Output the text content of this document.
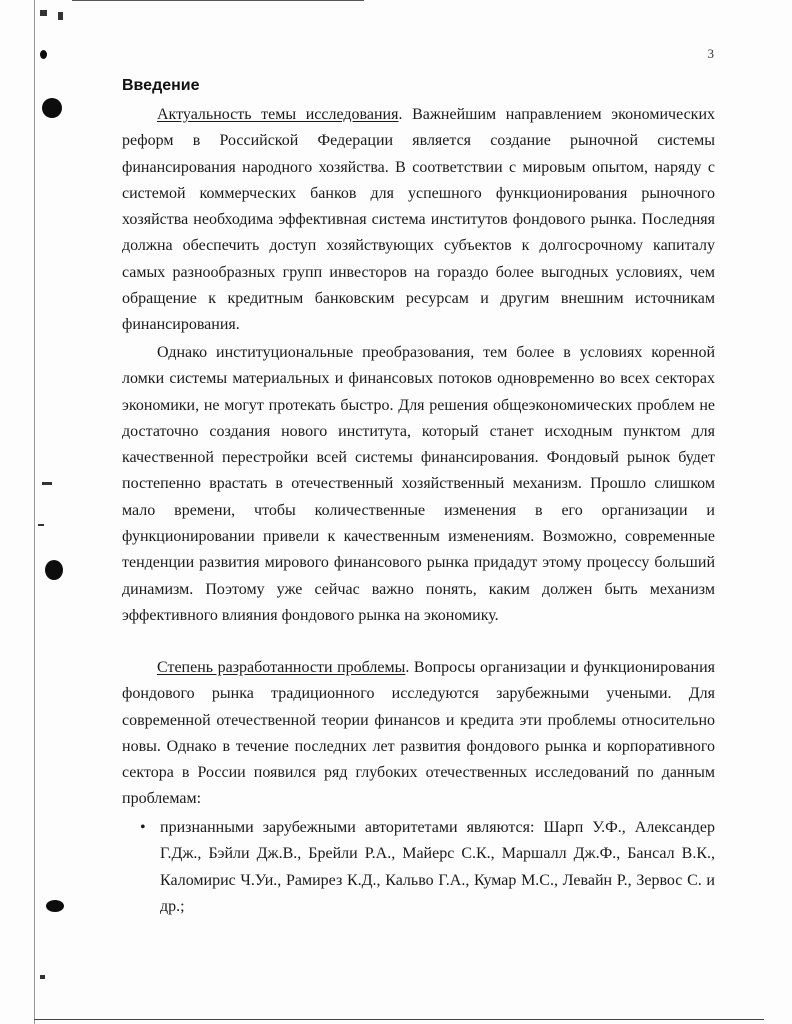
3
Введение

Актуальность темы исследования. Важнейшим направлением экономических реформ в Российской Федерации является создание рыночной системы финансирования народного хозяйства. В соответствии с мировым опытом, наряду с системой коммерческих банков для успешного функционирования рыночного хозяйства необходима эффективная система институтов фондового рынка. Последняя должна обеспечить доступ хозяйствующих субъектов к долгосрочному капиталу самых разнообразных групп инвесторов на гораздо более выгодных условиях, чем обращение к кредитным банковским ресурсам и другим внешним источникам финансирования.

Однако институциональные преобразования, тем более в условиях коренной ломки системы материальных и финансовых потоков одновременно во всех секторах экономики, не могут протекать быстро. Для решения общеэкономических проблем не достаточно создания нового института, который станет исходным пунктом для качественной перестройки всей системы финансирования. Фондовый рынок будет постепенно врастать в отечественный хозяйственный механизм. Прошло слишком мало времени, чтобы количественные изменения в его организации и функционировании привели к качественным изменениям. Возможно, современные тенденции развития мирового финансового рынка придадут этому процессу больший динамизм. Поэтому уже сейчас важно понять, каким должен быть механизм эффективного влияния фондового рынка на экономику.

Степень разработанности проблемы. Вопросы организации и функционирования фондового рынка традиционного исследуются зарубежными учеными. Для современной отечественной теории финансов и кредита эти проблемы относительно новы. Однако в течение последних лет развития фондового рынка и корпоративного сектора в России появился ряд глубоких отечественных исследований по данным проблемам:

• признанными зарубежными авторитетами являются: Шарп У.Ф., Александер Г.Дж., Бэйли Дж.В., Брейли Р.А., Майерс С.К., Маршалл Дж.Ф., Бансал В.К., Каломирис Ч.Уи., Рамирез К.Д., Кальво Г.А., Кумар М.С., Левайн Р., Зервос С. и др.;
